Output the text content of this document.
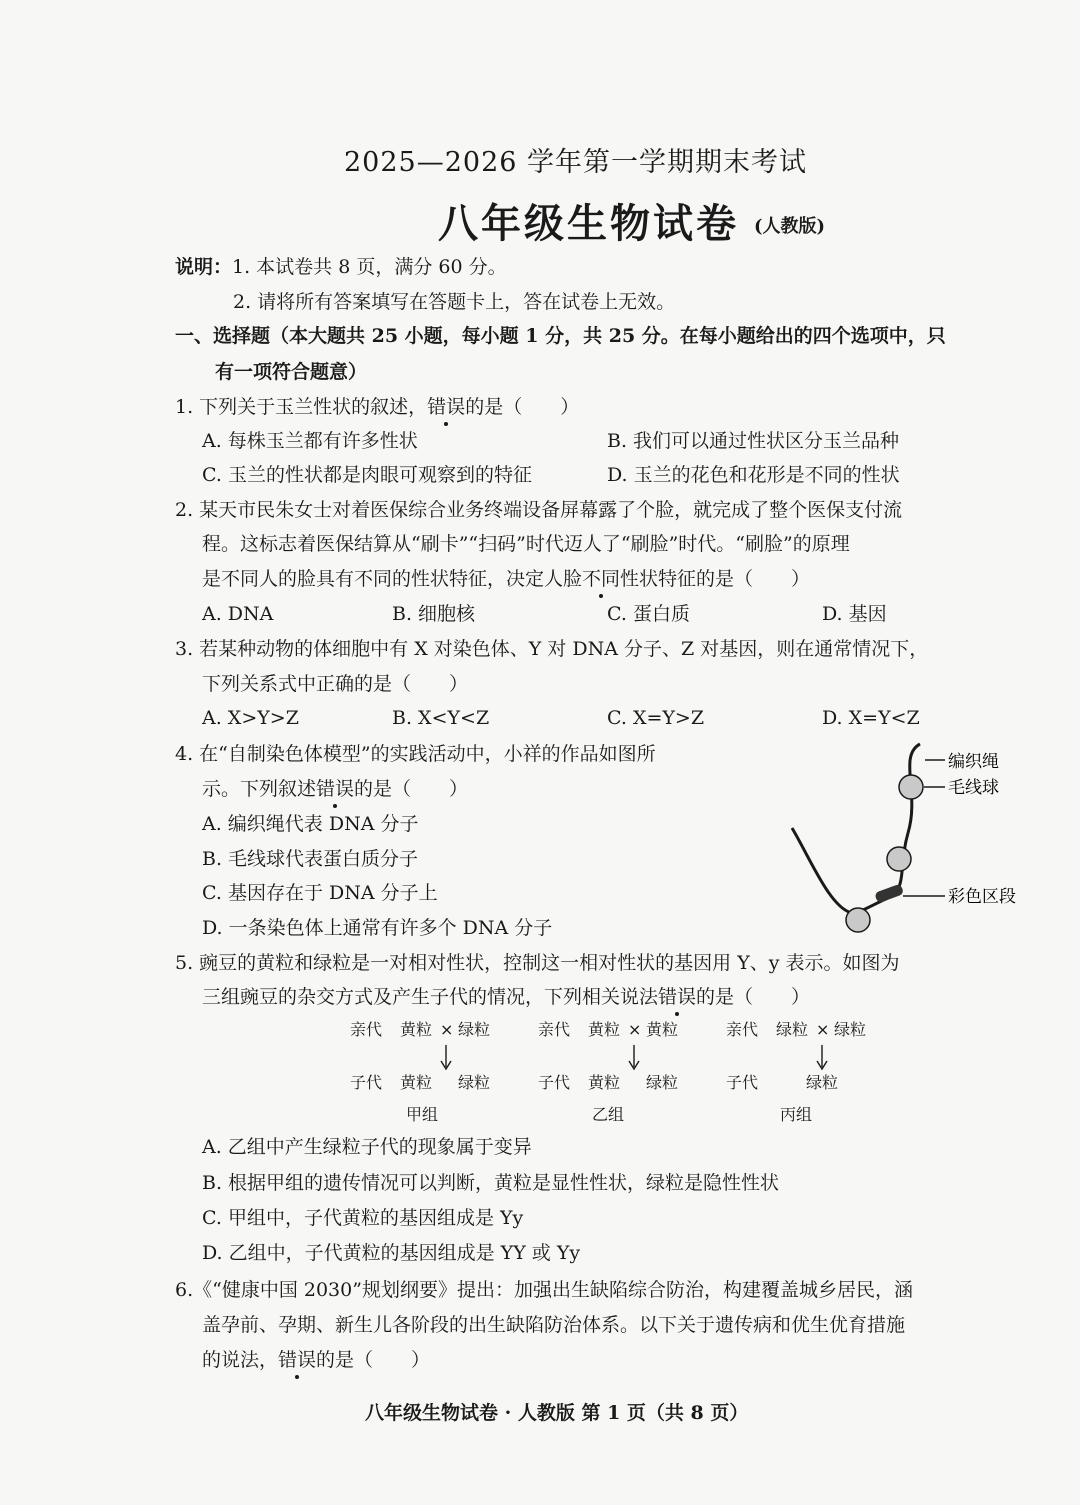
2025—2026 学年第一学期期末考试
八年级生物试卷 (人教版)
说明：1. 本试卷共 8 页，满分 60 分。
2. 请将所有答案填写在答题卡上，答在试卷上无效。
一、选择题（本大题共 25 小题，每小题 1 分，共 25 分。在每小题给出的四个选项中，只
有一项符合题意）
1. 下列关于玉兰性状的叙述，错误的是（　　）
A. 每株玉兰都有许多性状	B. 我们可以通过性状区分玉兰品种
C. 玉兰的性状都是肉眼可观察到的特征	D. 玉兰的花色和花形是不同的性状
2. 某天市民朱女士对着医保综合业务终端设备屏幕露了个脸，就完成了整个医保支付流
程。这标志着医保结算从“刷卡”“扫码”时代迈人了“刷脸”时代。“刷脸”的原理
是不同人的脸具有不同的性状特征，决定人脸不同性状特征的是（　　）
A. DNA	B. 细胞核	C. 蛋白质	D. 基因
3. 若某种动物的体细胞中有 X 对染色体、Y 对 DNA 分子、Z 对基因，则在通常情况下，
下列关系式中正确的是（　　）
A. X>Y>Z	B. X<Y<Z	C. X=Y>Z	D. X=Y<Z
4. 在“自制染色体模型”的实践活动中，小祥的作品如图所
示。下列叙述错误的是（　　）
A. 编织绳代表 DNA 分子
B. 毛线球代表蛋白质分子
C. 基因存在于 DNA 分子上
D. 一条染色体上通常有许多个 DNA 分子
编织绳
毛线球
彩色区段
5. 豌豆的黄粒和绿粒是一对相对性状，控制这一相对性状的基因用 Y、y 表示。如图为
三组豌豆的杂交方式及产生子代的情况，下列相关说法错误的是（　　）
亲代 黄粒 × 绿粒
子代 黄粒 绿粒
甲组
亲代 黄粒 × 黄粒
子代 黄粒 绿粒
乙组
亲代 绿粒 × 绿粒
子代	绿粒
丙组
A. 乙组中产生绿粒子代的现象属于变异
B. 根据甲组的遗传情况可以判断，黄粒是显性性状，绿粒是隐性性状
C. 甲组中，子代黄粒的基因组成是 Yy
D. 乙组中，子代黄粒的基因组成是 YY 或 Yy
6.《“健康中国 2030”规划纲要》提出：加强出生缺陷综合防治，构建覆盖城乡居民，涵
盖孕前、孕期、新生儿各阶段的出生缺陷防治体系。以下关于遗传病和优生优育措施
的说法，错误的是（　　）
八年级生物试卷 · 人教版 第 1 页（共 8 页）
